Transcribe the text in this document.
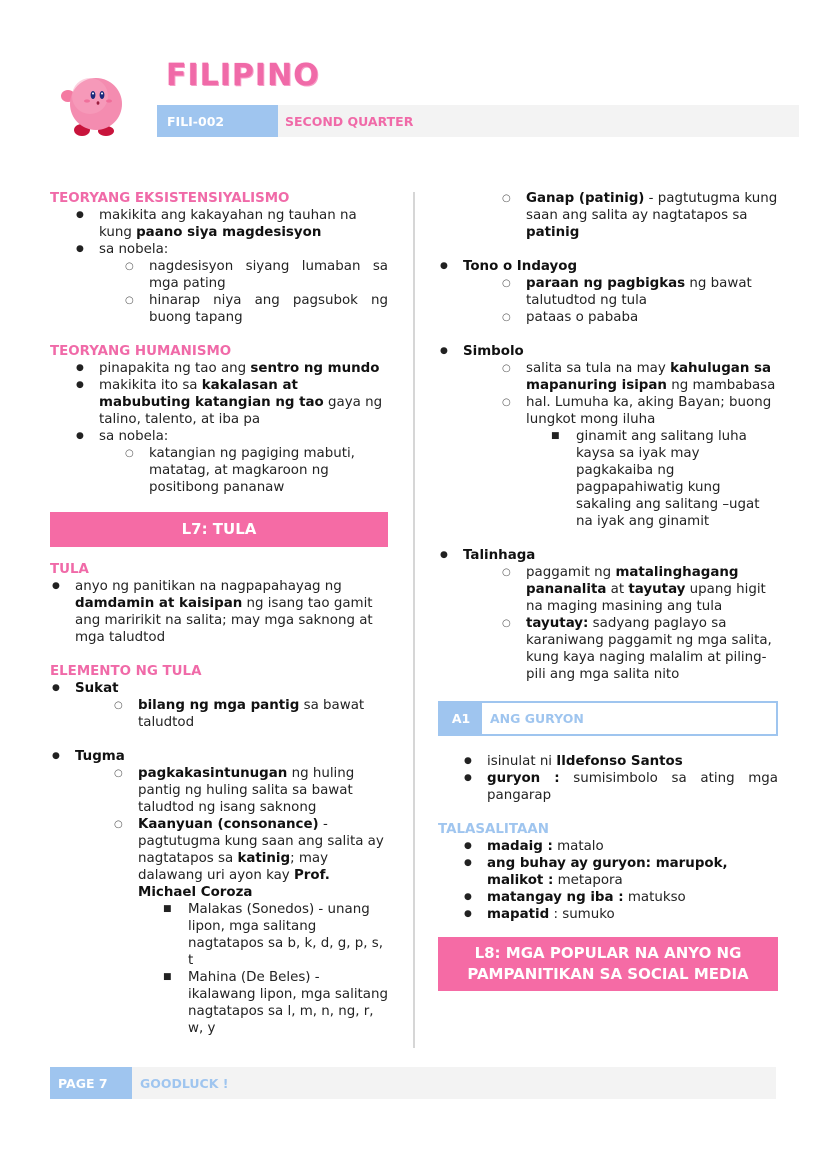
FILIPINO
FILI-002	SECOND QUARTER
TEORYANG EKSISTENSIYALISMO
● makikita ang kakayahan ng tauhan na kung paano siya magdesisyon
● sa nobela:
○ nagdesisyon siyang lumaban sa mga pating
○ hinarap niya ang pagsubok ng buong tapang
TEORYANG HUMANISMO
● pinapakita ng tao ang sentro ng mundo
● makikita ito sa kakalasan at mabubuting katangian ng tao gaya ng talino, talento, at iba pa
● sa nobela:
○ katangian ng pagiging mabuti, matatag, at magkaroon ng positibong pananaw
L7: TULA
TULA
● anyo ng panitikan na nagpapahayag ng damdamin at kaisipan ng isang tao gamit ang maririkit na salita; may mga saknong at mga taludtod
ELEMENTO NG TULA
● Sukat
○ bilang ng mga pantig sa bawat taludtod
● Tugma
○ pagkakasintunugan ng huling pantig ng huling salita sa bawat taludtod ng isang saknong
○ Kaanyuan (consonance) - pagtutugma kung saan ang salita ay nagtatapos sa katinig; may dalawang uri ayon kay Prof. Michael Coroza
■ Malakas (Sonedos) - unang lipon, mga salitang nagtatapos sa b, k, d, g, p, s, t
■ Mahina (De Beles) - ikalawang lipon, mga salitang nagtatapos sa l, m, n, ng, r, w, y
○ Ganap (patinig) - pagtutugma kung saan ang salita ay nagtatapos sa patinig
● Tono o Indayog
○ paraan ng pagbigkas ng bawat talutudtod ng tula
○ pataas o pababa
● Simbolo
○ salita sa tula na may kahulugan sa mapanuring isipan ng mambabasa
○ hal. Lumuha ka, aking Bayan; buong lungkot mong iluha
■ ginamit ang salitang luha kaysa sa iyak may pagkakaiba ng pagpapahiwatig kung sakaling ang salitang –ugat na iyak ang ginamit
● Talinhaga
○ paggamit ng matalinghagang pananalita at tayutay upang higit na maging masining ang tula
○ tayutay: sadyang paglayo sa karaniwang paggamit ng mga salita, kung kaya naging malalim at piling-pili ang mga salita nito
A1	ANG GURYON
● isinulat ni Ildefonso Santos
● guryon : sumisimbolo sa ating mga pangarap
TALASALITAAN
● madaig : matalo
● ang buhay ay guryon: marupok, malikot : metapora
● matangay ng iba : matukso
● mapatid : sumuko
L8: MGA POPULAR NA ANYO NG
PAMPANITIKAN SA SOCIAL MEDIA
PAGE 7	GOODLUCK !
